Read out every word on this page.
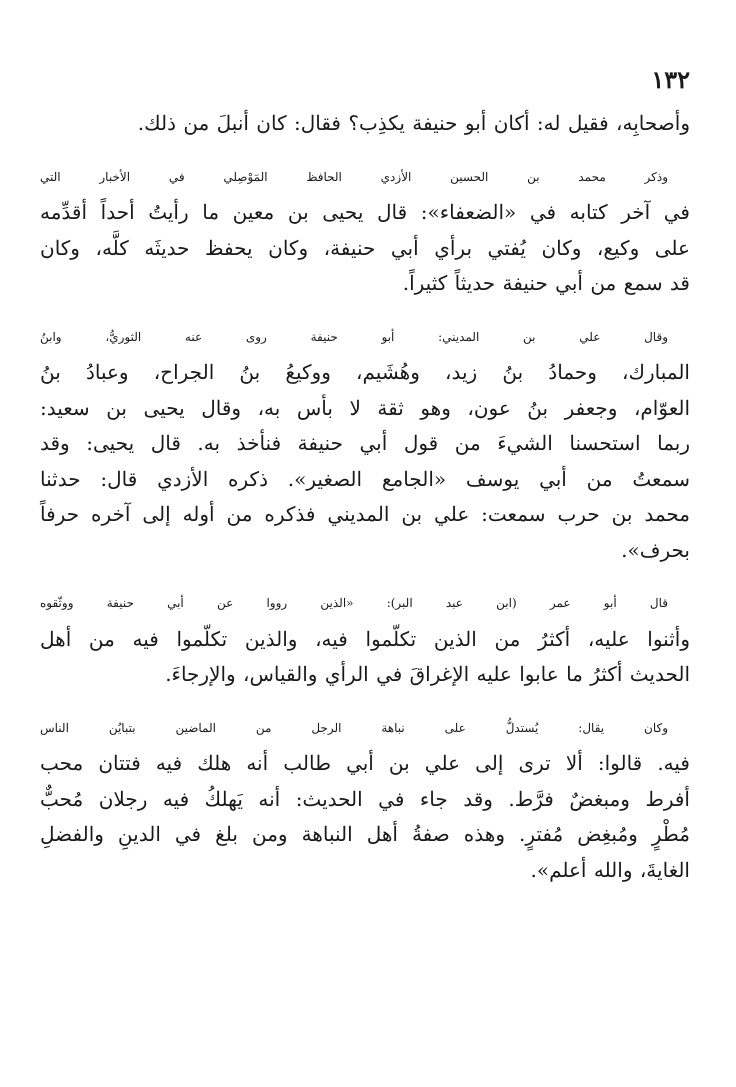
١٣٢
وأصحابِه، فقيل له: أكان أبو حنيفة يكذِب؟ فقال: كان أنبلَ من ذلك.
وذكر محمد بن الحسين الأزدي الحافظ المَوْصِلي في الأخبار التي
في آخر كتابه في «الضعفاء»: قال يحيى بن معين ما رأيتُ أحداً أقدِّمه
على وكيع، وكان يُفتي برأي أبي حنيفة، وكان يحفظ حديثَه كلَّه، وكان
قد سمع من أبي حنيفة حديثاً كثيراً.
وقال علي بن المديني: أبو حنيفة روى عنه الثوريُّ، وابنُ
المبارك، وحمادُ بنُ زيد، وهُشَيم، ووكيعُ بنُ الجراح، وعبادُ بنُ
العوّام، وجعفر بنُ عون، وهو ثقة لا بأس به، وقال يحيى بن سعيد:
ربما استحسنا الشيءَ من قول أبي حنيفة فنأخذ به. قال يحيى: وقد
سمعتُ من أبي يوسف «الجامع الصغير». ذكره الأزدي قال: حدثنا
محمد بن حرب سمعت: علي بن المديني فذكره من أوله إلى آخره حرفاً
بحرف».
قال أبو عمر (ابن عبد البر): «الذين رووا عن أبي حنيفة ووثّقوه
وأثنوا عليه، أكثرُ من الذين تكلّموا فيه، والذين تكلّموا فيه من أهل
الحديث أكثرُ ما عابوا عليه الإغراقَ في الرأي والقياس، والإرجاءَ.
وكان يقال: يُستدلُّ على نباهة الرجل من الماضين بتبايُن الناس
فيه. قالوا: ألا ترى إلى علي بن أبي طالب أنه هلك فيه فتتان محب
أفرط ومبغضٌ فرَّط. وقد جاء في الحديث: أنه يَهلكُ فيه رجلان مُحبٌّ
مُطْرٍ ومُبغِض مُفترٍ. وهذه صفةُ أهل النباهة ومن بلغ في الدينِ والفضلِ
الغايةَ، والله أعلم».
